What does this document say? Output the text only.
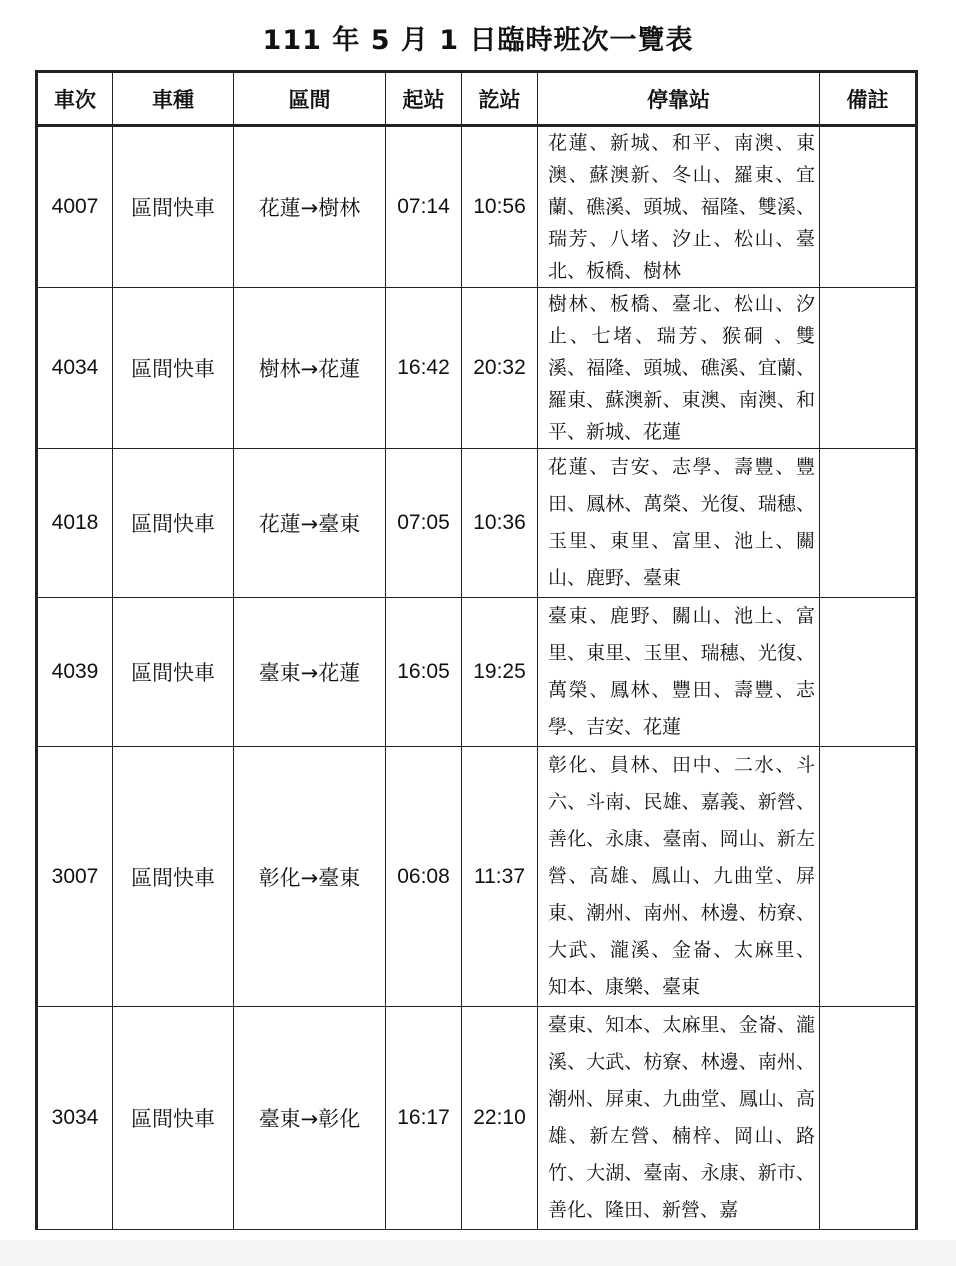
111 年 5 月 1 日臨時班次一覽表
車次	車種	區間	起站	訖站	停靠站	備註
4007	區間快車	花蓮→樹林	07:14	10:56	花蓮、新城、和平、南澳、東澳、蘇澳新、冬山、羅東、宜蘭、礁溪、頭城、福隆、雙溪、瑞芳、八堵、汐止、松山、臺北、板橋、樹林	
4034	區間快車	樹林→花蓮	16:42	20:32	樹林、板橋、臺北、松山、汐止、七堵、瑞芳、猴硐 、雙溪、福隆、頭城、礁溪、宜蘭、羅東、蘇澳新、東澳、南澳、和平、新城、花蓮	
4018	區間快車	花蓮→臺東	07:05	10:36	花蓮、吉安、志學、壽豐、豐田、鳳林、萬榮、光復、瑞穗、玉里、東里、富里、池上、關山、鹿野、臺東	
4039	區間快車	臺東→花蓮	16:05	19:25	臺東、鹿野、關山、池上、富里、東里、玉里、瑞穗、光復、萬榮、鳳林、豐田、壽豐、志學、吉安、花蓮	
3007	區間快車	彰化→臺東	06:08	11:37	彰化、員林、田中、二水、斗六、斗南、民雄、嘉義、新營、善化、永康、臺南、岡山、新左營、高雄、鳳山、九曲堂、屏東、潮州、南州、林邊、枋寮、大武、瀧溪、金崙、太麻里、 知本、康樂、臺東	
3034	區間快車	臺東→彰化	16:17	22:10	臺東、知本、太麻里、金崙、瀧溪、大武、枋寮、林邊、南州、潮州、屏東、九曲堂、鳳山、高雄、新左營、楠梓、岡山、路竹、大湖、臺南、永康、新市、善化、隆田、新營、嘉	
